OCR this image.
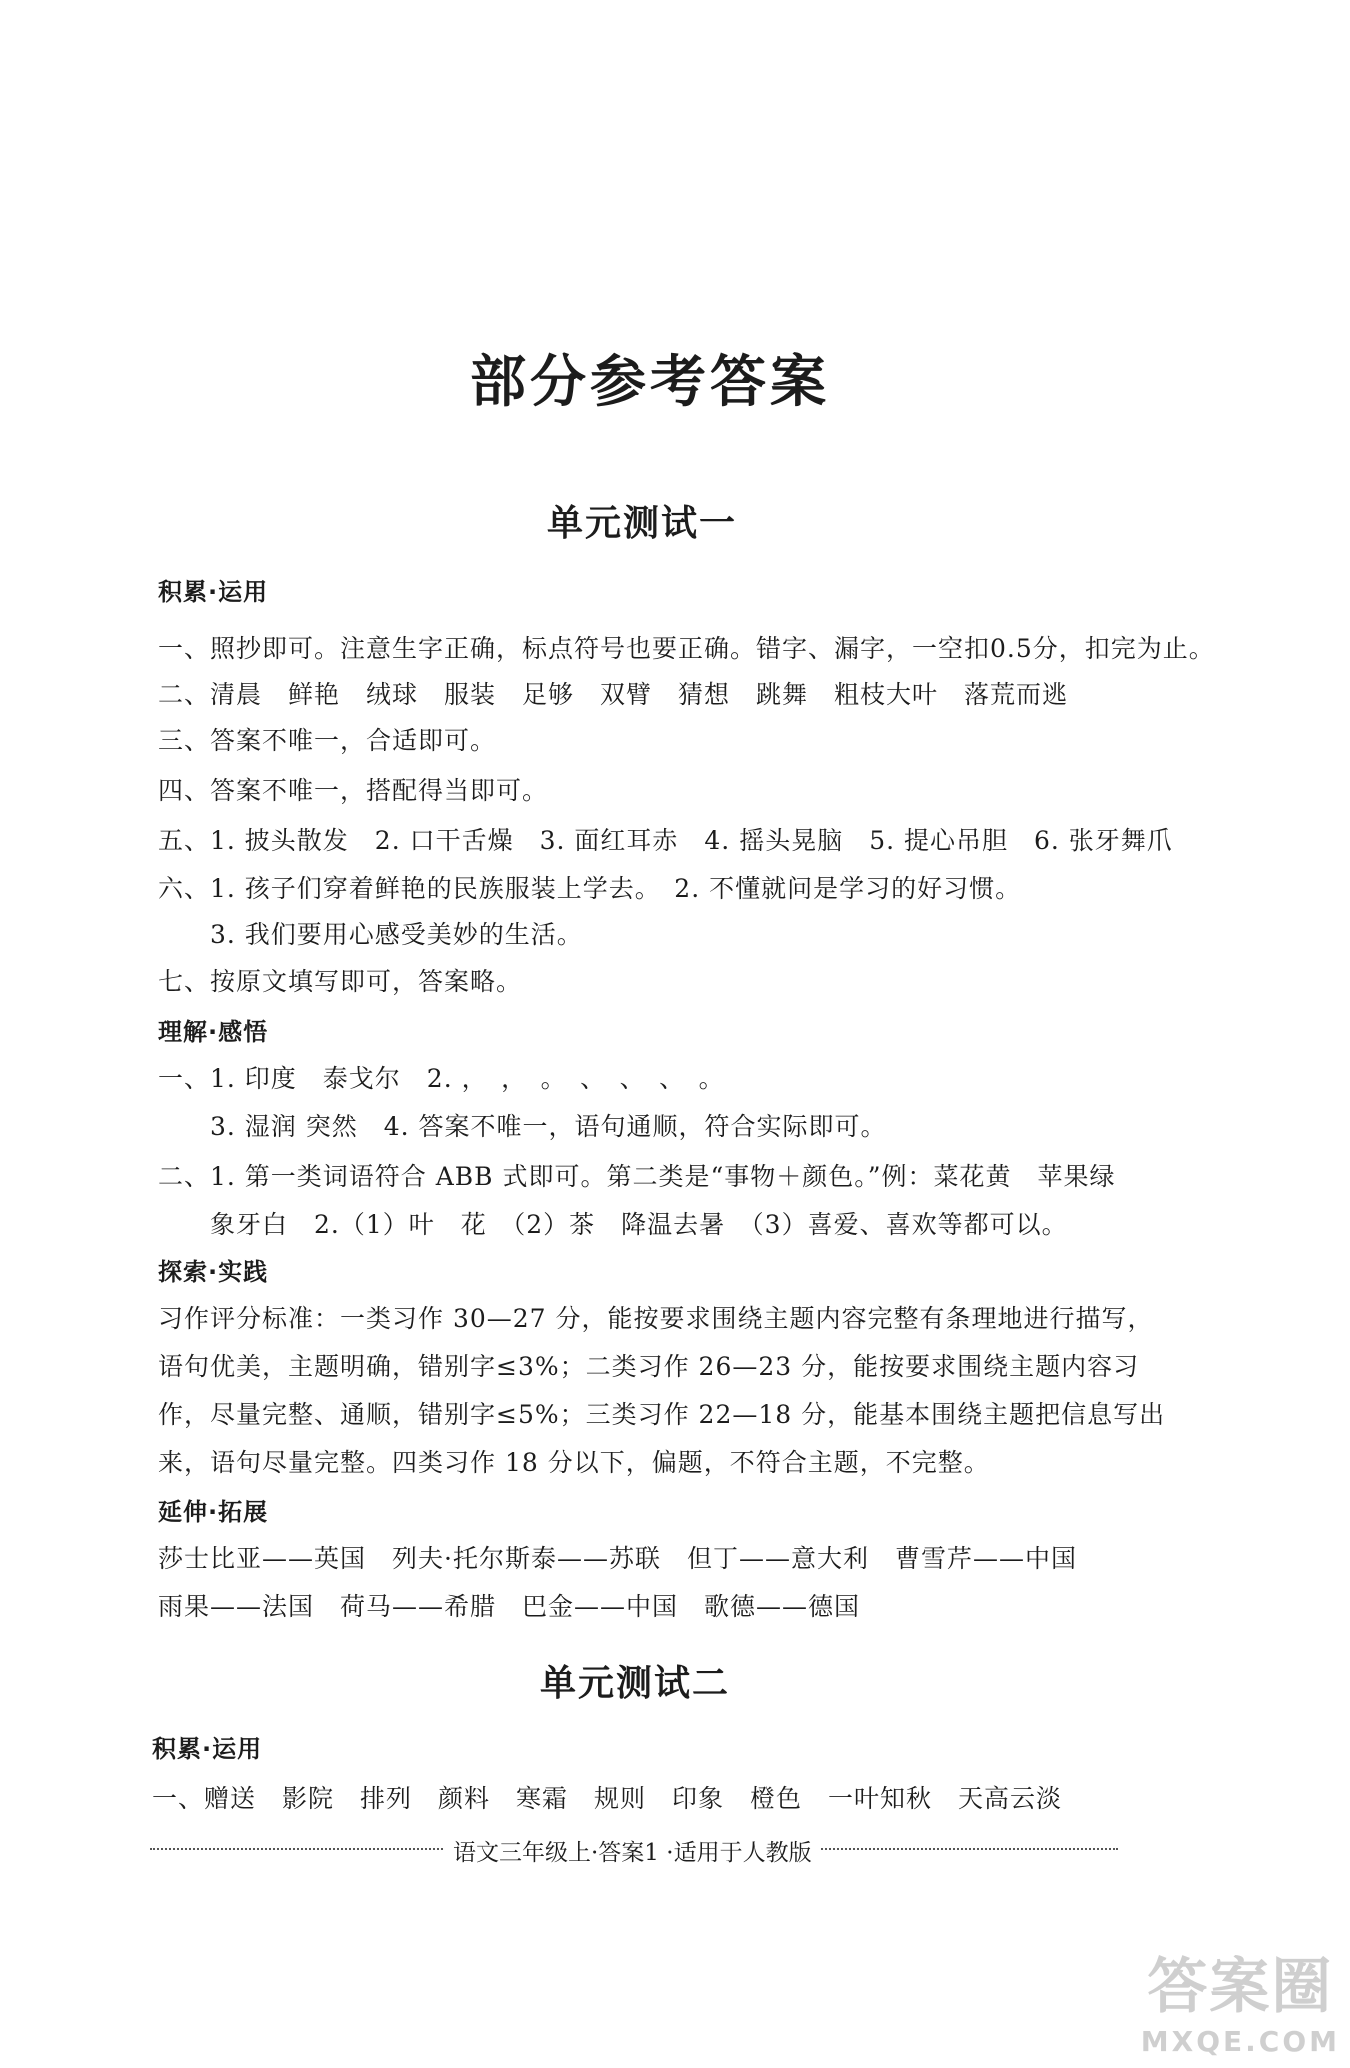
部分参考答案
单元测试一
积累·运用
一、照抄即可。注意生字正确，标点符号也要正确。错字、漏字，一空扣0.5分，扣完为止。
二、清晨　鲜艳　绒球　服装　足够　双臂　猜想　跳舞　粗枝大叶　落荒而逃
三、答案不唯一，合适即可。
四、答案不唯一，搭配得当即可。
五、1. 披头散发　2. 口干舌燥　3. 面红耳赤　4. 摇头晃脑　5. 提心吊胆　6. 张牙舞爪
六、1. 孩子们穿着鲜艳的民族服装上学去。　2. 不懂就问是学习的好习惯。
3. 我们要用心感受美妙的生活。
七、按原文填写即可，答案略。
理解·感悟
一、1. 印度　泰戈尔　2. ，　，　。　、　、　、　。
3. 湿润 突然　4. 答案不唯一，语句通顺，符合实际即可。
二、1. 第一类词语符合 ABB 式即可。第二类是“事物＋颜色。”例：菜花黄　苹果绿
象牙白　2.（1）叶　花　（2）茶　降温去暑　（3）喜爱、喜欢等都可以。
探索·实践
习作评分标准：一类习作 30—27 分，能按要求围绕主题内容完整有条理地进行描写，
语句优美，主题明确，错别字≤3%；二类习作 26—23 分，能按要求围绕主题内容习
作，尽量完整、通顺，错别字≤5%；三类习作 22—18 分，能基本围绕主题把信息写出
来，语句尽量完整。四类习作 18 分以下，偏题，不符合主题，不完整。
延伸·拓展
莎士比亚——英国　列夫·托尔斯泰——苏联　但丁——意大利　曹雪芹——中国
雨果——法国　荷马——希腊　巴金——中国　歌德——德国
单元测试二
积累·运用
一、赠送　影院　排列　颜料　寒霜　规则　印象　橙色　一叶知秋　天高云淡
语文三年级上·答案1 ·适用于人教版
答案圈
MXQE.COM
